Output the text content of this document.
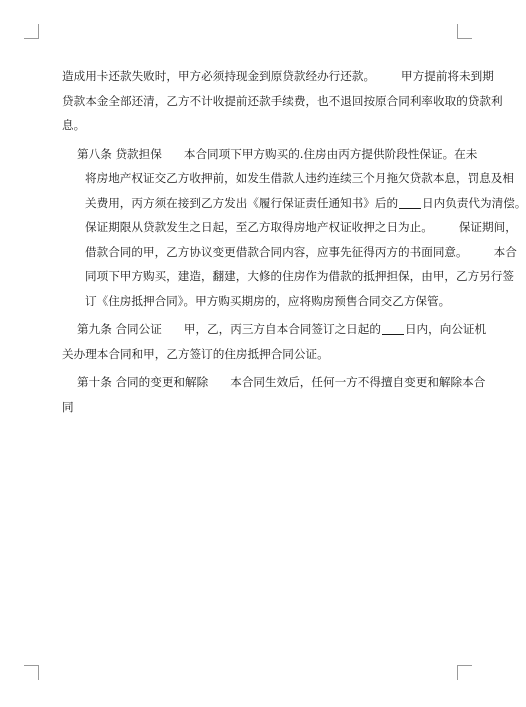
造成用卡还款失败时，甲方必须持现金到原贷款经办行还款。 甲方提前将未到期
贷款本金全部还清，乙方不计收提前还款手续费，也不退回按原合同利率收取的贷款利
息。
第八条 贷款担保 本合同项下甲方购买的.住房由丙方提供阶段性保证。在未
将房地产权证交乙方收押前，如发生借款人违约连续三个月拖欠贷款本息，罚息及相
关费用，丙方须在接到乙方发出《履行保证责任通知书》后的 日内负责代为清偿。
保证期限从贷款发生之日起，至乙方取得房地产权证收押之日为止。 保证期间，
借款合同的甲，乙方协议变更借款合同内容，应事先征得丙方的书面同意。 本合
同项下甲方购买，建造，翻建，大修的住房作为借款的抵押担保，由甲，乙方另行签
订《住房抵押合同》。甲方购买期房的，应将购房预售合同交乙方保管。
第九条 合同公证 甲，乙，丙三方自本合同签订之日起的 日内，向公证机
关办理本合同和甲，乙方签订的住房抵押合同公证。
第十条 合同的变更和解除 本合同生效后，任何一方不得擅自变更和解除本合
同
